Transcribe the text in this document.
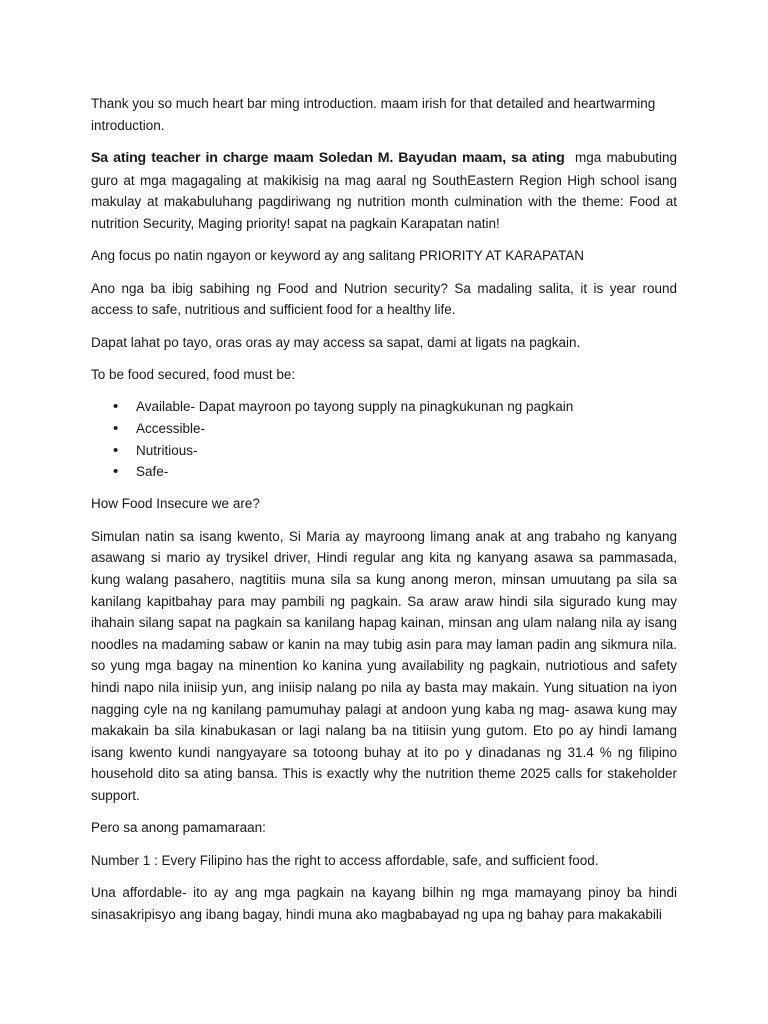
Thank you so much heart bar ming introduction. maam irish for that detailed and heartwarming introduction.

Sa ating teacher in charge maam Soledan M. Bayudan maam, sa ating  mga mabubuting guro at mga magagaling at makikisig na mag aaral ng SouthEastern Region High school isang makulay at makabuluhang pagdiriwang ng nutrition month culmination with the theme: Food at nutrition Security, Maging priority! sapat na pagkain Karapatan natin!

Ang focus po natin ngayon or keyword ay ang salitang PRIORITY AT KARAPATAN

Ano nga ba ibig sabihing ng Food and Nutrion security? Sa madaling salita, it is year round access to safe, nutritious and sufficient food for a healthy life.

Dapat lahat po tayo, oras oras ay may access sa sapat, dami at ligats na pagkain.

To be food secured, food must be:

• Available- Dapat mayroon po tayong supply na pinagkukunan ng pagkain
• Accessible-
• Nutritious-
• Safe-

How Food Insecure we are?

Simulan natin sa isang kwento, Si Maria ay mayroong limang anak at ang trabaho ng kanyang asawang si mario ay trysikel driver, Hindi regular ang kita ng kanyang asawa sa pammasada, kung walang pasahero, nagtitiis muna sila sa kung anong meron, minsan umuutang pa sila sa kanilang kapitbahay para may pambili ng pagkain. Sa araw araw hindi sila sigurado kung may ihahain silang sapat na pagkain sa kanilang hapag kainan, minsan ang ulam nalang nila ay isang noodles na madaming sabaw or kanin na may tubig asin para may laman padin ang sikmura nila. so yung mga bagay na minention ko kanina yung availability ng pagkain, nutriotious and safety hindi napo nila iniisip yun, ang iniisip nalang po nila ay basta may makain. Yung situation na iyon nagging cyle na ng kanilang pamumuhay palagi at andoon yung kaba ng mag- asawa kung may makakain ba sila kinabukasan or lagi nalang ba na titiisin yung gutom. Eto po ay hindi lamang isang kwento kundi nangyayare sa totoong buhay at ito po y dinadanas ng 31.4 % ng filipino household dito sa ating bansa. This is exactly why the nutrition theme 2025 calls for stakeholder support.

Pero sa anong pamamaraan:

Number 1 : Every Filipino has the right to access affordable, safe, and sufficient food.

Una affordable- ito ay ang mga pagkain na kayang bilhin ng mga mamayang pinoy ba hindi sinasakripisyo ang ibang bagay, hindi muna ako magbabayad ng upa ng bahay para makakabili
